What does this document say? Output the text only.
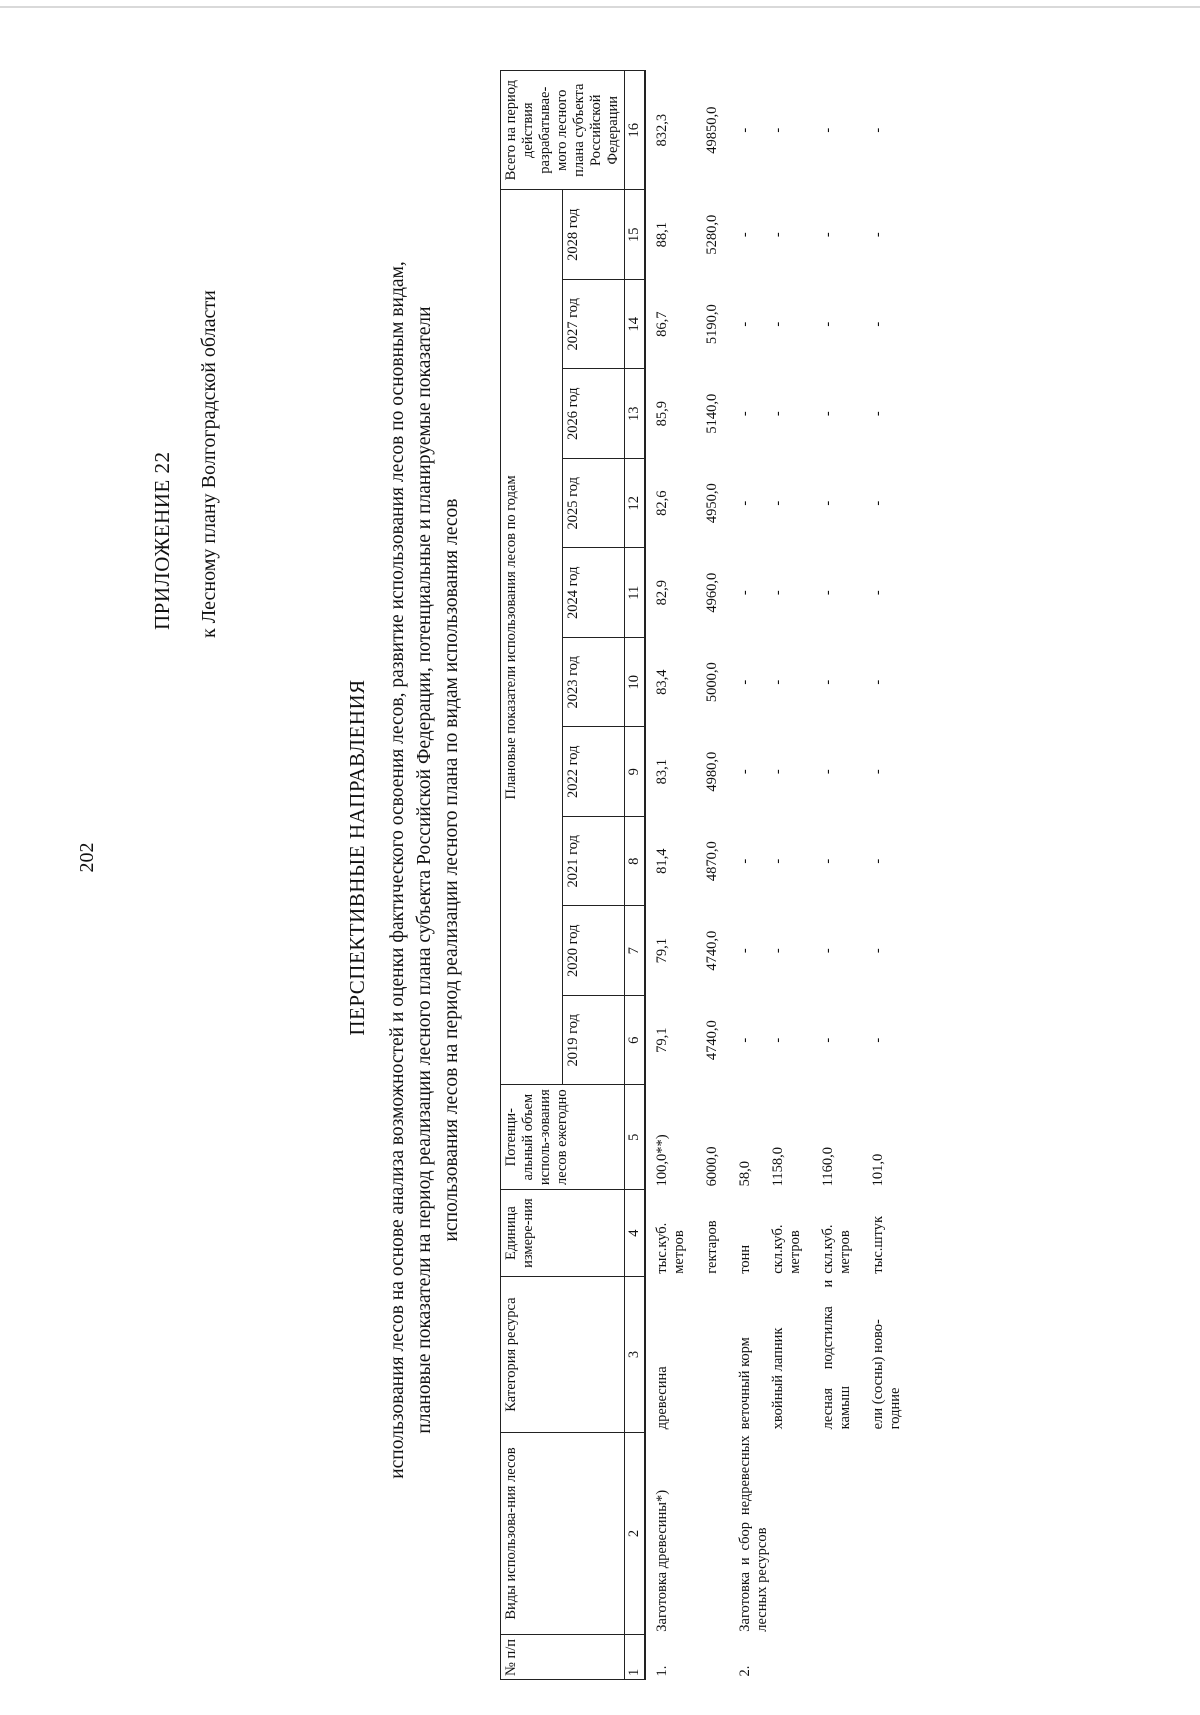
202
ПРИЛОЖЕНИЕ 22 к Лесному плану Волгоградской области
ПЕРСПЕКТИВНЫЕ НАПРАВЛЕНИЯ использования лесов на основе анализа возможностей и оценки фактического освоения лесов, развитие использования лесов по основным видам, плановые показатели на период реализации лесного плана субъекта Российской Федерации, потенциальные и планируемые показатели использования лесов на период реализации лесного плана по видам использования лесов
№ п/п	Виды использова-ния лесов	Категория ресурса	Единица измере-ния	Потенци-альный объем исполь-зования лесов ежегодно	Плановые показатели использования лесов по годам										Всего на период действия разрабатывае-мого лесного плана субъекта Российской Федерации
					2019 год	2020 год	2021 год	2022 год	2023 год	2024 год	2025 год	2026 год	2027 год	2028 год	
1	2	3	4	5	6	7	8	9	10	11	12	13	14	15	16
1.	Заготовка древесины*)	древесина	тыс.куб. метров	100,0**)	79,1	79,1	81,4	83,1	83,4	82,9	82,6	85,9	86,7	88,1	832,3
			гектаров	6000,0	4740,0	4740,0	4870,0	4980,0	5000,0	4960,0	4950,0	5140,0	5190,0	5280,0	49850,0
2.	Заготовка и сбор недревесных лесных ресурсов	веточный корм	тонн	58,0	-	-	-	-	-	-	-	-	-	-	-
		хвойный лапник	скл.куб. метров	1158,0	-	-	-	-	-	-	-	-	-	-	-
		лесная подстилка и камыш	скл.куб. метров	1160,0	-	-	-	-	-	-	-	-	-	-	-
		ели (сосны) ново-годние	тыс.штук	101,0	-	-	-	-	-	-	-	-	-	-	-
